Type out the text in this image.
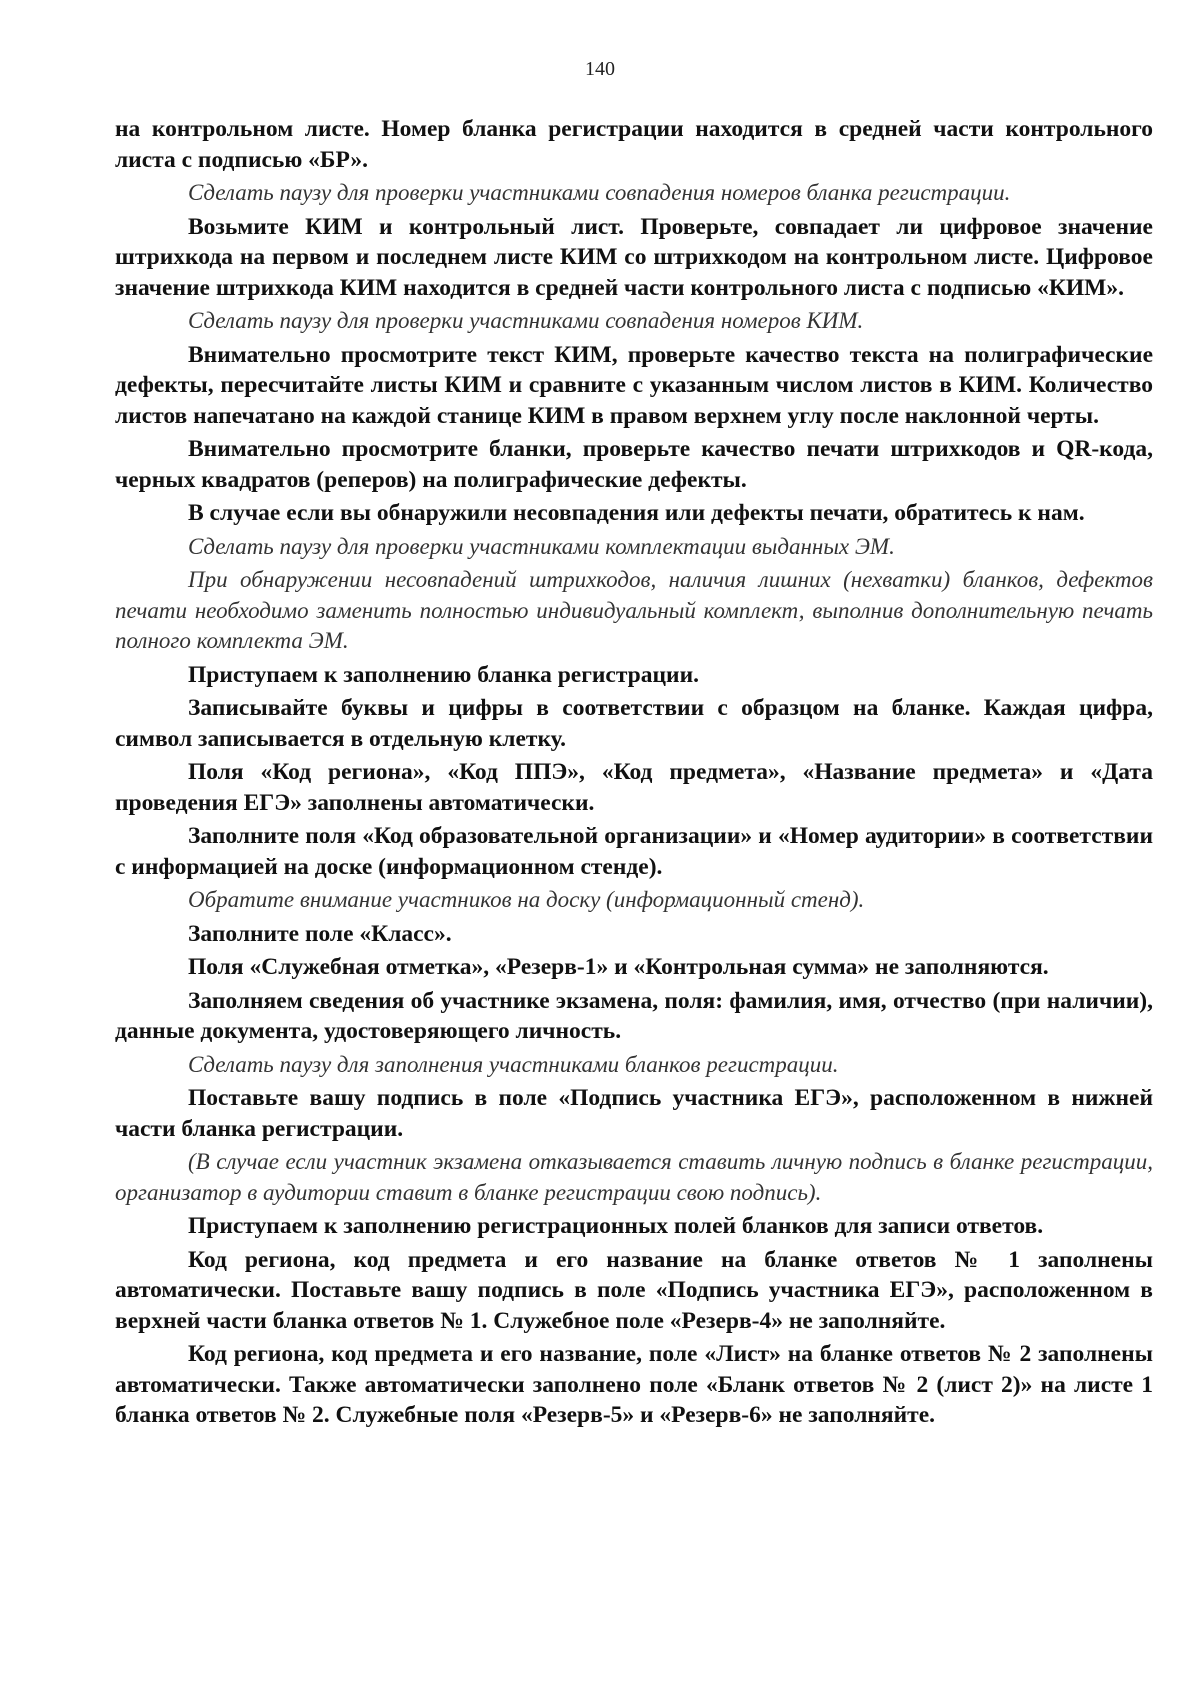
140

на контрольном листе. Номер бланка регистрации находится в средней части контрольного листа с подписью «БР».

Сделать паузу для проверки участниками совпадения номеров бланка регистрации.

Возьмите КИМ и контрольный лист. Проверьте, совпадает ли цифровое значение штрихкода на первом и последнем листе КИМ со штрихкодом на контрольном листе. Цифровое значение штрихкода КИМ находится в средней части контрольного листа с подписью «КИМ».

Сделать паузу для проверки участниками совпадения номеров КИМ.

Внимательно просмотрите текст КИМ, проверьте качество текста на полиграфические дефекты, пересчитайте листы КИМ и сравните с указанным числом листов в КИМ. Количество листов напечатано на каждой станице КИМ в правом верхнем углу после наклонной черты.

Внимательно просмотрите бланки, проверьте качество печати штрихкодов и QR-кода, черных квадратов (реперов) на полиграфические дефекты.

В случае если вы обнаружили несовпадения или дефекты печати, обратитесь к нам.

Сделать паузу для проверки участниками комплектации выданных ЭМ.

При обнаружении несовпадений штрихкодов, наличия лишних (нехватки) бланков, дефектов печати необходимо заменить полностью индивидуальный комплект, выполнив дополнительную печать полного комплекта ЭМ.

Приступаем к заполнению бланка регистрации.

Записывайте буквы и цифры в соответствии с образцом на бланке. Каждая цифра, символ записывается в отдельную клетку.

Поля «Код региона», «Код ППЭ», «Код предмета», «Название предмета» и «Дата проведения ЕГЭ» заполнены автоматически.

Заполните поля «Код образовательной организации» и «Номер аудитории» в соответствии с информацией на доске (информационном стенде).

Обратите внимание участников на доску (информационный стенд).

Заполните поле «Класс».

Поля «Служебная отметка», «Резерв-1» и «Контрольная сумма» не заполняются.

Заполняем сведения об участнике экзамена, поля: фамилия, имя, отчество (при наличии), данные документа, удостоверяющего личность.

Сделать паузу для заполнения участниками бланков регистрации.

Поставьте вашу подпись в поле «Подпись участника ЕГЭ», расположенном в нижней части бланка регистрации.

(В случае если участник экзамена отказывается ставить личную подпись в бланке регистрации, организатор в аудитории ставит в бланке регистрации свою подпись).

Приступаем к заполнению регистрационных полей бланков для записи ответов.

Код региона, код предмета и его название на бланке ответов № 1 заполнены автоматически. Поставьте вашу подпись в поле «Подпись участника ЕГЭ», расположенном в верхней части бланка ответов № 1. Служебное поле «Резерв-4» не заполняйте.

Код региона, код предмета и его название, поле «Лист» на бланке ответов № 2 заполнены автоматически. Также автоматически заполнено поле «Бланк ответов № 2 (лист 2)» на листе 1 бланка ответов № 2. Служебные поля «Резерв-5» и «Резерв-6» не заполняйте.
